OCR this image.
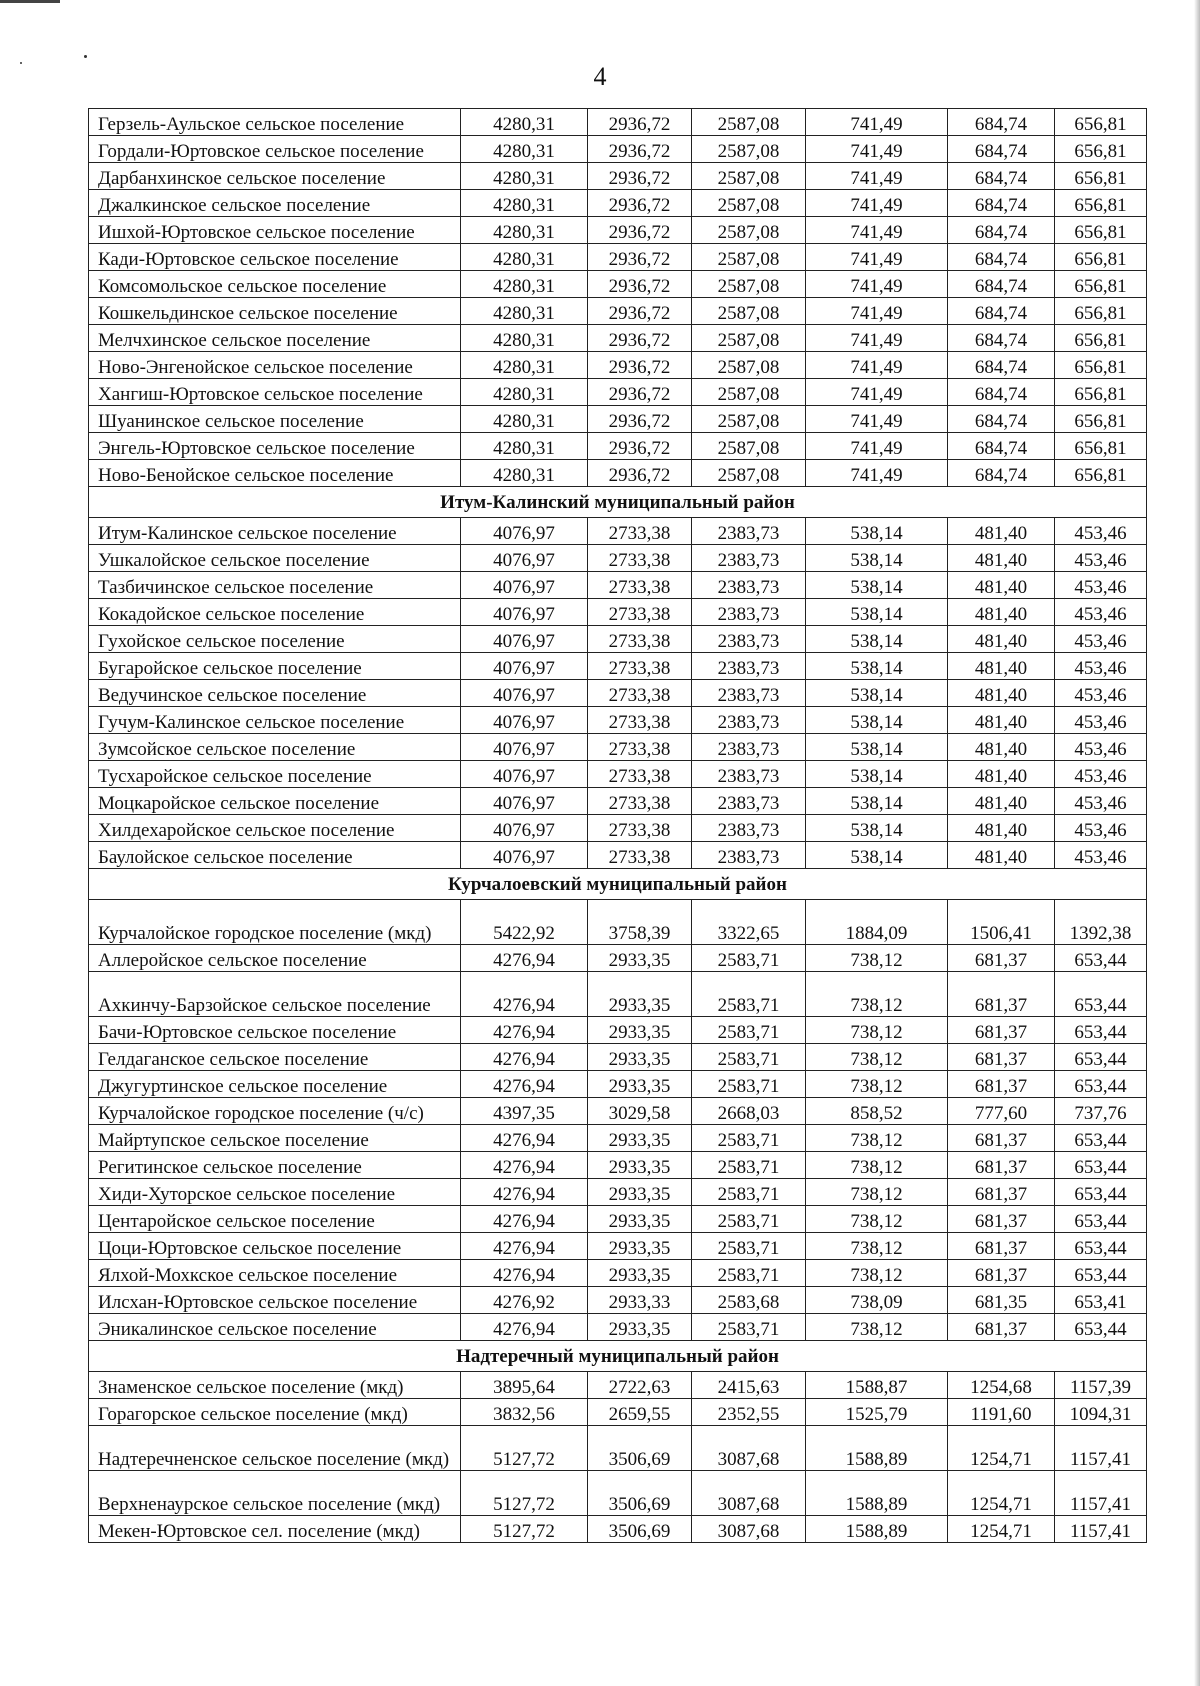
4
Герзель-Аульское сельское поселение	4280,31	2936,72	2587,08	741,49	684,74	656,81
Гордали-Юртовское сельское поселение	4280,31	2936,72	2587,08	741,49	684,74	656,81
Дарбанхинское сельское поселение	4280,31	2936,72	2587,08	741,49	684,74	656,81
Джалкинское сельское поселение	4280,31	2936,72	2587,08	741,49	684,74	656,81
Ишхой-Юртовское сельское поселение	4280,31	2936,72	2587,08	741,49	684,74	656,81
Кади-Юртовское сельское поселение	4280,31	2936,72	2587,08	741,49	684,74	656,81
Комсомольское сельское поселение	4280,31	2936,72	2587,08	741,49	684,74	656,81
Кошкельдинское сельское поселение	4280,31	2936,72	2587,08	741,49	684,74	656,81
Мелчхинское сельское поселение	4280,31	2936,72	2587,08	741,49	684,74	656,81
Ново-Энгенойское сельское поселение	4280,31	2936,72	2587,08	741,49	684,74	656,81
Хангиш-Юртовское сельское поселение	4280,31	2936,72	2587,08	741,49	684,74	656,81
Шуанинское сельское поселение	4280,31	2936,72	2587,08	741,49	684,74	656,81
Энгель-Юртовское сельское поселение	4280,31	2936,72	2587,08	741,49	684,74	656,81
Ново-Бенойское сельское поселение	4280,31	2936,72	2587,08	741,49	684,74	656,81
Итум-Калинский муниципальный район						
Итум-Калинское сельское поселение	4076,97	2733,38	2383,73	538,14	481,40	453,46
Ушкалойское сельское поселение	4076,97	2733,38	2383,73	538,14	481,40	453,46
Тазбичинское сельское поселение	4076,97	2733,38	2383,73	538,14	481,40	453,46
Кокадойское сельское поселение	4076,97	2733,38	2383,73	538,14	481,40	453,46
Гухойское сельское поселение	4076,97	2733,38	2383,73	538,14	481,40	453,46
Бугаройское сельское поселение	4076,97	2733,38	2383,73	538,14	481,40	453,46
Ведучинское сельское поселение	4076,97	2733,38	2383,73	538,14	481,40	453,46
Гучум-Калинское сельское поселение	4076,97	2733,38	2383,73	538,14	481,40	453,46
Зумсойское сельское поселение	4076,97	2733,38	2383,73	538,14	481,40	453,46
Тусхаройское сельское поселение	4076,97	2733,38	2383,73	538,14	481,40	453,46
Моцкаройское сельское поселение	4076,97	2733,38	2383,73	538,14	481,40	453,46
Хилдехаройское сельское поселение	4076,97	2733,38	2383,73	538,14	481,40	453,46
Баулойское сельское поселение	4076,97	2733,38	2383,73	538,14	481,40	453,46
Курчалоевский муниципальный район						
Курчалойское городское поселение (мкд)	5422,92	3758,39	3322,65	1884,09	1506,41	1392,38
Аллеройское сельское поселение	4276,94	2933,35	2583,71	738,12	681,37	653,44
Ахкинчу-Барзойское сельское поселение	4276,94	2933,35	2583,71	738,12	681,37	653,44
Бачи-Юртовское сельское поселение	4276,94	2933,35	2583,71	738,12	681,37	653,44
Гелдаганское сельское поселение	4276,94	2933,35	2583,71	738,12	681,37	653,44
Джугуртинское сельское поселение	4276,94	2933,35	2583,71	738,12	681,37	653,44
Курчалойское городское поселение (ч/с)	4397,35	3029,58	2668,03	858,52	777,60	737,76
Майртупское сельское поселение	4276,94	2933,35	2583,71	738,12	681,37	653,44
Регитинское сельское поселение	4276,94	2933,35	2583,71	738,12	681,37	653,44
Хиди-Хуторское сельское поселение	4276,94	2933,35	2583,71	738,12	681,37	653,44
Центаройское сельское поселение	4276,94	2933,35	2583,71	738,12	681,37	653,44
Цоци-Юртовское сельское поселение	4276,94	2933,35	2583,71	738,12	681,37	653,44
Ялхой-Мохкское сельское поселение	4276,94	2933,35	2583,71	738,12	681,37	653,44
Илсхан-Юртовское сельское поселение	4276,92	2933,33	2583,68	738,09	681,35	653,41
Эникалинское сельское поселение	4276,94	2933,35	2583,71	738,12	681,37	653,44
Надтеречный муниципальный район						
Знаменское сельское поселение (мкд)	3895,64	2722,63	2415,63	1588,87	1254,68	1157,39
Горагорское сельское поселение (мкд)	3832,56	2659,55	2352,55	1525,79	1191,60	1094,31
Надтеречненское сельское поселение (мкд)	5127,72	3506,69	3087,68	1588,89	1254,71	1157,41
Верхненаурское сельское поселение (мкд)	5127,72	3506,69	3087,68	1588,89	1254,71	1157,41
Мекен-Юртовское сел. поселение (мкд)	5127,72	3506,69	3087,68	1588,89	1254,71	1157,41
